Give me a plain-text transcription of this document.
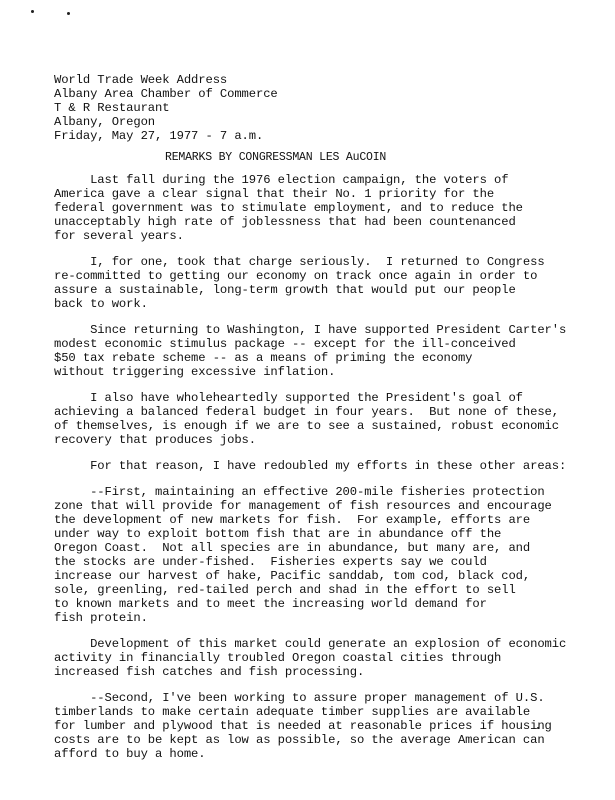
World Trade Week Address
Albany Area Chamber of Commerce
T & R Restaurant
Albany, Oregon
Friday, May 27, 1977 - 7 a.m.
REMARKS BY CONGRESSMAN LES AuCOIN
Last fall during the 1976 election campaign, the voters of
America gave a clear signal that their No. 1 priority for the
federal government was to stimulate employment, and to reduce the
unacceptably high rate of joblessness that had been countenanced
for several years.
I, for one, took that charge seriously.  I returned to Congress
re-committed to getting our economy on track once again in order to
assure a sustainable, long-term growth that would put our people
back to work.
Since returning to Washington, I have supported President Carter's
modest economic stimulus package -- except for the ill-conceived
$50 tax rebate scheme -- as a means of priming the economy
without triggering excessive inflation.
I also have wholeheartedly supported the President's goal of
achieving a balanced federal budget in four years.  But none of these,
of themselves, is enough if we are to see a sustained, robust economic
recovery that produces jobs.
For that reason, I have redoubled my efforts in these other areas:
--First, maintaining an effective 200-mile fisheries protection
zone that will provide for management of fish resources and encourage
the development of new markets for fish.  For example, efforts are
under way to exploit bottom fish that are in abundance off the
Oregon Coast.  Not all species are in abundance, but many are, and
the stocks are under-fished.  Fisheries experts say we could
increase our harvest of hake, Pacific sanddab, tom cod, black cod,
sole, greenling, red-tailed perch and shad in the effort to sell
to known markets and to meet the increasing world demand for
fish protein.
Development of this market could generate an explosion of economic
activity in financially troubled Oregon coastal cities through
increased fish catches and fish processing.
--Second, I've been working to assure proper management of U.S.
timberlands to make certain adequate timber supplies are available
for lumber and plywood that is needed at reasonable prices if housing
costs are to be kept as low as possible, so the average American can
afford to buy a home.
